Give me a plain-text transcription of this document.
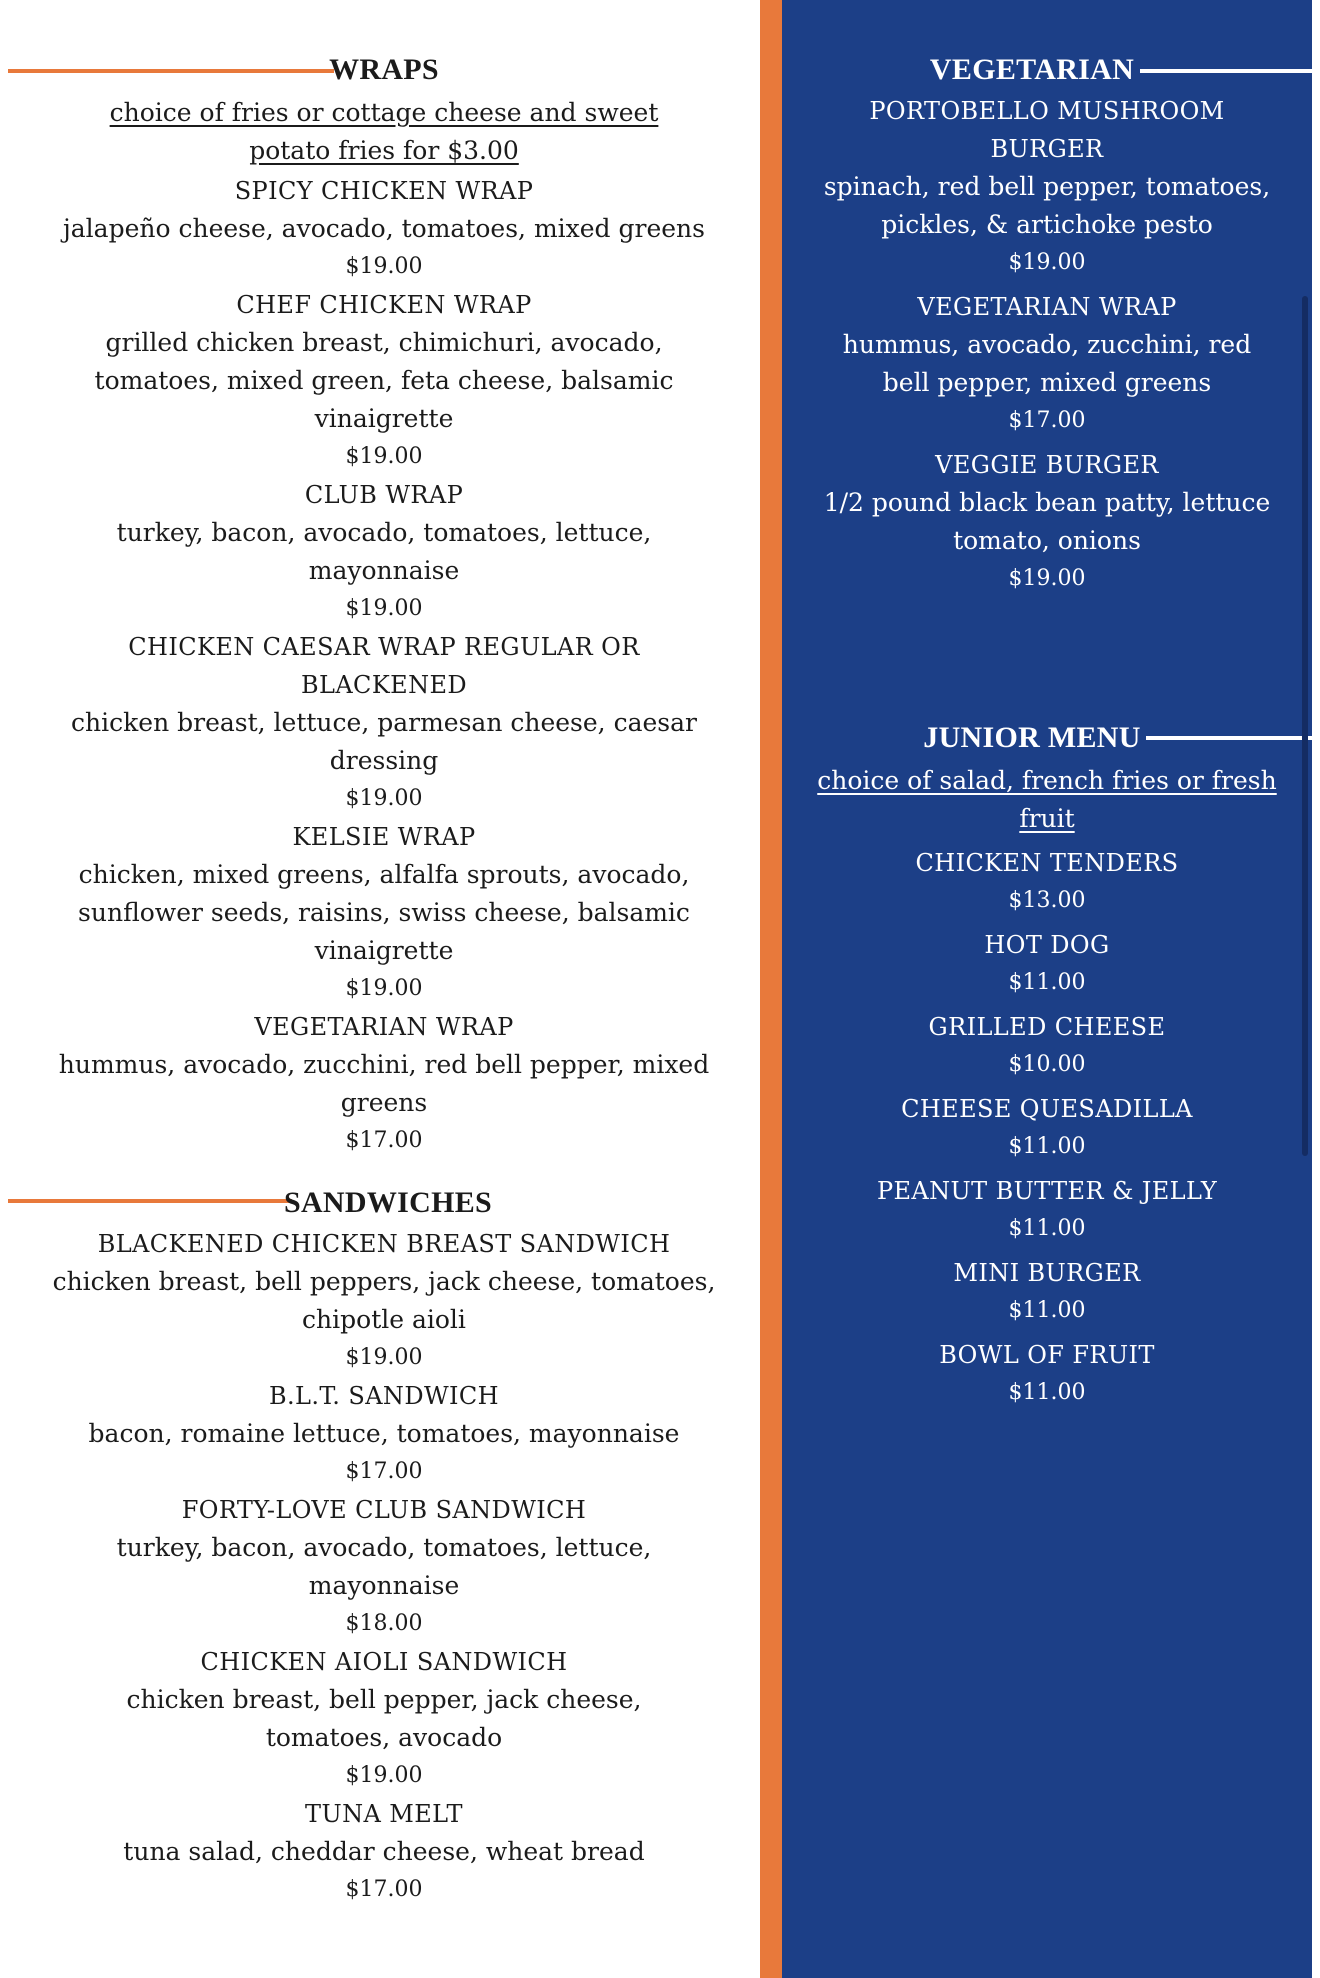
WRAPS
choice of fries or cottage cheese and sweet potato fries for $3.00
SPICY CHICKEN WRAP
jalapeño cheese, avocado, tomatoes, mixed greens
$19.00
CHEF CHICKEN WRAP
grilled chicken breast, chimichuri, avocado, tomatoes, mixed green, feta cheese, balsamic vinaigrette
$19.00
CLUB WRAP
turkey, bacon, avocado, tomatoes, lettuce, mayonnaise
$19.00
CHICKEN CAESAR WRAP REGULAR OR BLACKENED
chicken breast, lettuce, parmesan cheese, caesar dressing
$19.00
KELSIE WRAP
chicken, mixed greens, alfalfa sprouts, avocado, sunflower seeds, raisins, swiss cheese, balsamic vinaigrette
$19.00
VEGETARIAN WRAP
hummus, avocado, zucchini, red bell pepper, mixed greens
$17.00
SANDWICHES
BLACKENED CHICKEN BREAST SANDWICH
chicken breast, bell peppers, jack cheese, tomatoes, chipotle aioli
$19.00
B.L.T. SANDWICH
bacon, romaine lettuce, tomatoes, mayonnaise
$17.00
FORTY-LOVE CLUB SANDWICH
turkey, bacon, avocado, tomatoes, lettuce, mayonnaise
$18.00
CHICKEN AIOLI SANDWICH
chicken breast, bell pepper, jack cheese, tomatoes, avocado
$19.00
TUNA MELT
tuna salad, cheddar cheese, wheat bread
$17.00
VEGETARIAN
PORTOBELLO MUSHROOM BURGER
spinach, red bell pepper, tomatoes, pickles, & artichoke pesto
$19.00
VEGETARIAN WRAP
hummus, avocado, zucchini, red bell pepper, mixed greens
$17.00
VEGGIE BURGER
1/2 pound black bean patty, lettuce tomato, onions
$19.00
JUNIOR MENU
choice of salad, french fries or fresh fruit
CHICKEN TENDERS
$13.00
HOT DOG
$11.00
GRILLED CHEESE
$10.00
CHEESE QUESADILLA
$11.00
PEANUT BUTTER & JELLY
$11.00
MINI BURGER
$11.00
BOWL OF FRUIT
$11.00
